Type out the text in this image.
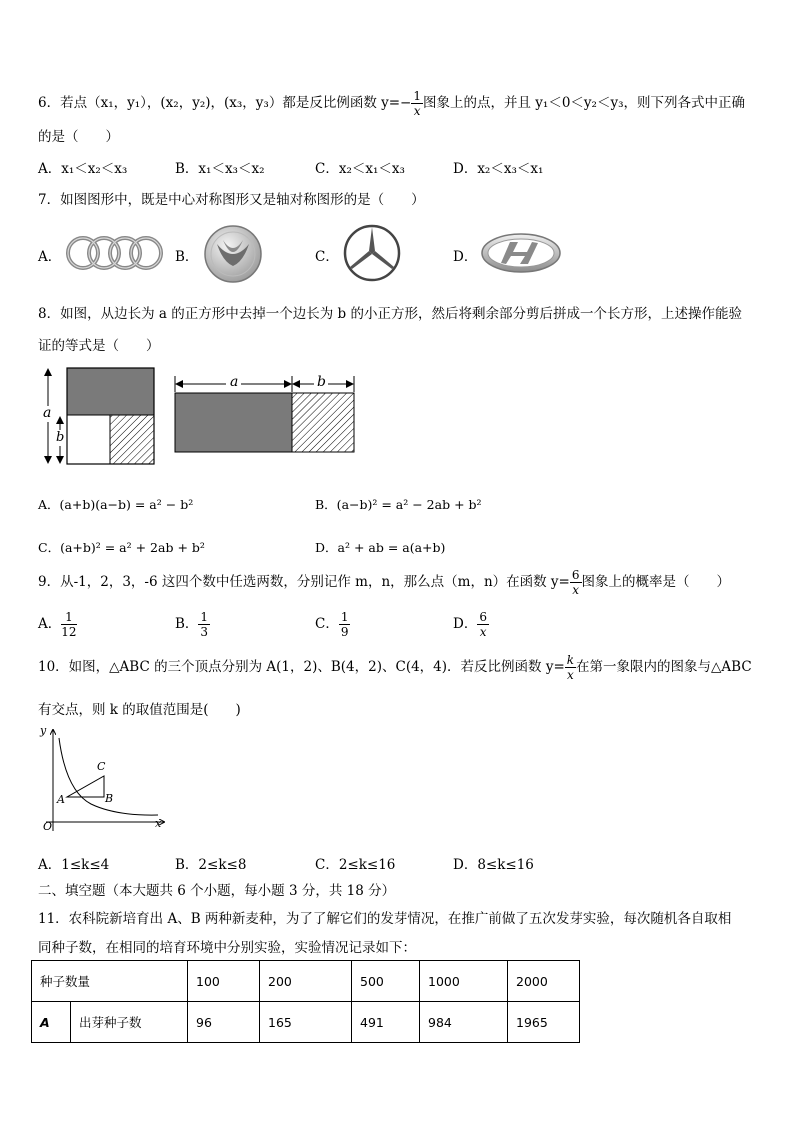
6．若点（x₁，y₁），(x₂，y₂)，(x₃，y₃）都是反比例函数 $y=- \frac{1}{x}$ 图象上的点，并且 y₁＜0＜y₂＜y₃，则下列各式中正确
的是（　　）
A．x₁＜x₂＜x₃	B．x₁＜x₃＜x₂	C．x₂＜x₁＜x₃	D．x₂＜x₃＜x₁
7．如图图形中，既是中心对称图形又是轴对称图形的是（　　）
A．	B．	C．	D．
8．如图，从边长为 a 的正方形中去掉一个边长为 b 的小正方形，然后将剩余部分剪后拼成一个长方形，上述操作能验
证的等式是（　　）
a
b
a	b
A．(a+b)(a−b) = a² − b²	B．(a−b)² = a² − 2ab + b²
C．(a+b)² = a² + 2ab + b²	D．a² + ab = a(a+b)
9．从-1，2，3，-6 这四个数中任选两数，分别记作 m，n，那么点（m，n）在函数 $y= \frac{6}{x}$ 图象上的概率是（　　）
A． $\frac{1}{12}$	B． $\frac{1}{3}$	C． $\frac{1}{9}$	D． $\frac{6}{x}$
10．如图，△ABC 的三个顶点分别为 A(1，2)、B(4，2)、C(4，4)．若反比例函数 $y= \frac{k}{x}$ 在第一象限内的图象与△ABC
有交点，则 k 的取值范围是(　　)
y
x
O
A	B
C
A．1≤k≤4	B．2≤k≤8	C．2≤k≤16	D．8≤k≤16
二、填空题（本大题共 6 个小题，每小题 3 分，共 18 分）
11．农科院新培育出 A、B 两种新麦种，为了了解它们的发芽情况，在推广前做了五次发芽实验，每次随机各自取相
同种子数，在相同的培育环境中分别实验，实验情况记录如下：
种子数量		100	200	500	1000	2000
A	出芽种子数	96	165	491	984	1965
